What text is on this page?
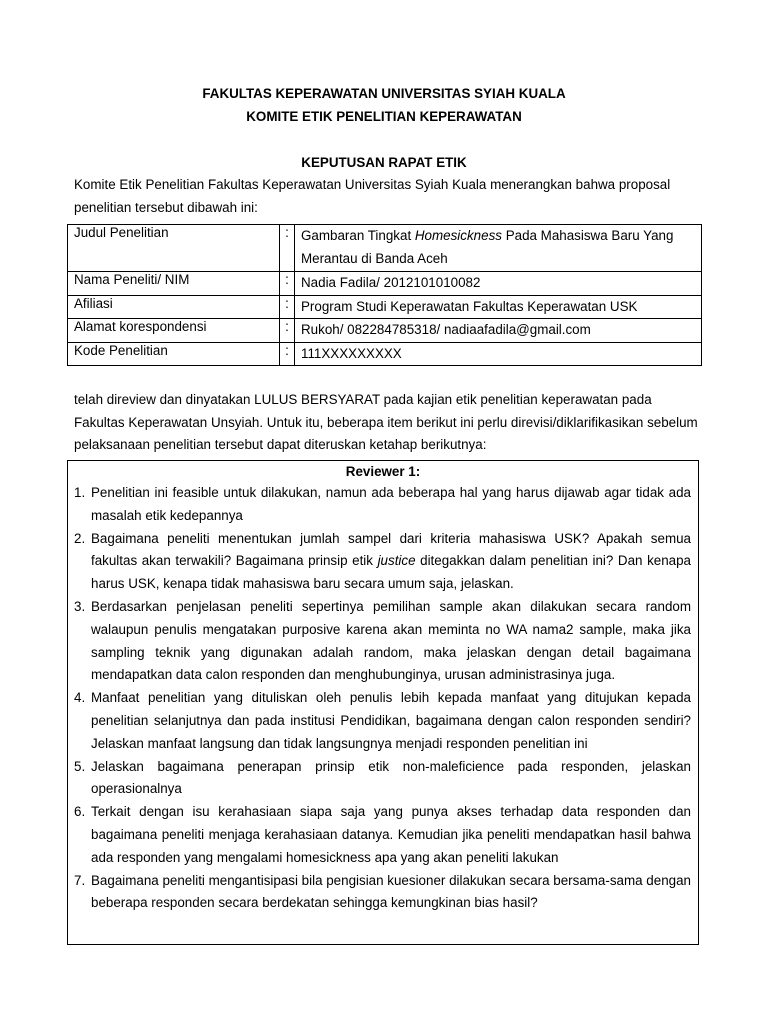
FAKULTAS KEPERAWATAN UNIVERSITAS SYIAH KUALA
KOMITE ETIK PENELITIAN KEPERAWATAN
KEPUTUSAN RAPAT ETIK
Komite Etik Penelitian Fakultas Keperawatan Universitas Syiah Kuala menerangkan bahwa proposal penelitian tersebut dibawah ini:
Judul Penelitian	:	Gambaran Tingkat Homesickness Pada Mahasiswa Baru Yang Merantau di Banda Aceh
Nama Peneliti/ NIM	:	Nadia Fadila/ 2012101010082
Afiliasi	:	Program Studi Keperawatan Fakultas Keperawatan USK
Alamat korespondensi	:	Rukoh/ 082284785318/ nadiaafadila@gmail.com
Kode Penelitian	:	111XXXXXXXXX
telah direview dan dinyatakan LULUS BERSYARAT pada kajian etik penelitian keperawatan pada Fakultas Keperawatan Unsyiah. Untuk itu, beberapa item berikut ini perlu direvisi/diklarifikasikan sebelum pelaksanaan penelitian tersebut dapat diteruskan ketahap berikutnya:
Reviewer 1:
1. Penelitian ini feasible untuk dilakukan, namun ada beberapa hal yang harus dijawab agar tidak ada masalah etik kedepannya
2. Bagaimana peneliti menentukan jumlah sampel dari kriteria mahasiswa USK? Apakah semua fakultas akan terwakili? Bagaimana prinsip etik justice ditegakkan dalam penelitian ini? Dan kenapa harus USK, kenapa tidak mahasiswa baru secara umum saja, jelaskan.
3. Berdasarkan penjelasan peneliti sepertinya pemilihan sample akan dilakukan secara random walaupun penulis mengatakan purposive karena akan meminta no WA nama2 sample, maka jika sampling teknik yang digunakan adalah random, maka jelaskan dengan detail bagaimana mendapatkan data calon responden dan menghubunginya, urusan administrasinya juga.
4. Manfaat penelitian yang dituliskan oleh penulis lebih kepada manfaat yang ditujukan kepada penelitian selanjutnya dan pada institusi Pendidikan, bagaimana dengan calon responden sendiri? Jelaskan manfaat langsung dan tidak langsungnya menjadi responden penelitian ini
5. Jelaskan bagaimana penerapan prinsip etik non-maleficience pada responden, jelaskan operasionalnya
6. Terkait dengan isu kerahasiaan siapa saja yang punya akses terhadap data responden dan bagaimana peneliti menjaga kerahasiaan datanya. Kemudian jika peneliti mendapatkan hasil bahwa ada responden yang mengalami homesickness apa yang akan peneliti lakukan
7. Bagaimana peneliti mengantisipasi bila pengisian kuesioner dilakukan secara bersama-sama dengan beberapa responden secara berdekatan sehingga kemungkinan bias hasil?
